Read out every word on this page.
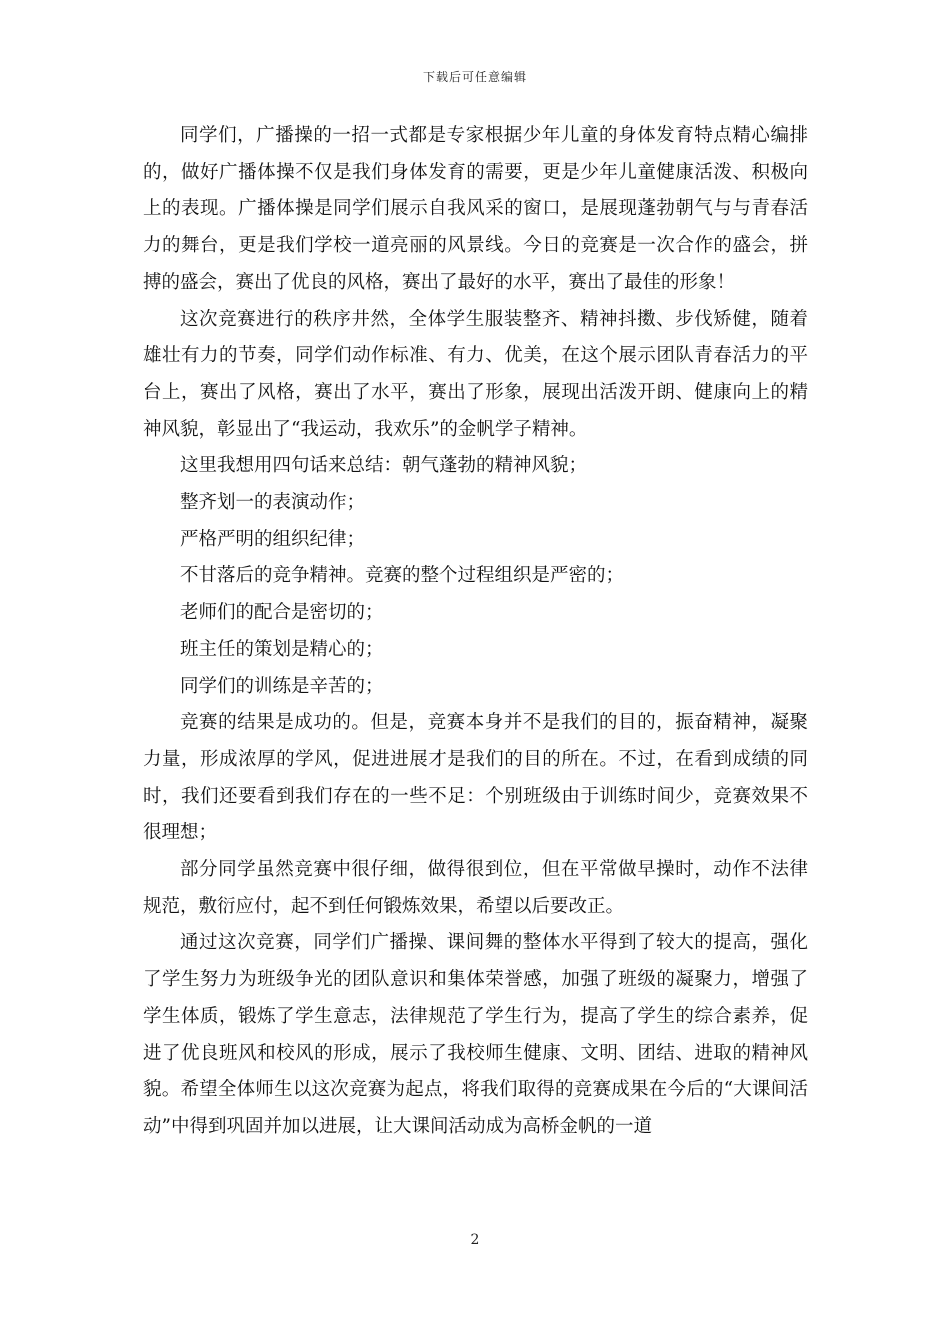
下载后可任意编辑

同学们，广播操的一招一式都是专家根据少年儿童的身体发育特点精心编排的，做好广播体操不仅是我们身体发育的需要，更是少年儿童健康活泼、积极向上的表现。广播体操是同学们展示自我风采的窗口，是展现蓬勃朝气与与青春活力的舞台，更是我们学校一道亮丽的风景线。今日的竞赛是一次合作的盛会，拼搏的盛会，赛出了优良的风格，赛出了最好的水平，赛出了最佳的形象！

这次竞赛进行的秩序井然，全体学生服装整齐、精神抖擞、步伐矫健，随着雄壮有力的节奏，同学们动作标准、有力、优美，在这个展示团队青春活力的平台上，赛出了风格，赛出了水平，赛出了形象，展现出活泼开朗、健康向上的精神风貌，彰显出了“我运动，我欢乐”的金帆学子精神。

这里我想用四句话来总结：朝气蓬勃的精神风貌；

整齐划一的表演动作；

严格严明的组织纪律；

不甘落后的竞争精神。竞赛的整个过程组织是严密的；

老师们的配合是密切的；

班主任的策划是精心的；

同学们的训练是辛苦的；

竞赛的结果是成功的。但是，竞赛本身并不是我们的目的，振奋精神，凝聚力量，形成浓厚的学风，促进进展才是我们的目的所在。不过，在看到成绩的同时，我们还要看到我们存在的一些不足：个别班级由于训练时间少，竞赛效果不很理想；

部分同学虽然竞赛中很仔细，做得很到位，但在平常做早操时，动作不法律规范，敷衍应付，起不到任何锻炼效果，希望以后要改正。

通过这次竞赛，同学们广播操、课间舞的整体水平得到了较大的提高，强化了学生努力为班级争光的团队意识和集体荣誉感，加强了班级的凝聚力，增强了学生体质，锻炼了学生意志，法律规范了学生行为，提高了学生的综合素养，促进了优良班风和校风的形成，展示了我校师生健康、文明、团结、进取的精神风貌。希望全体师生以这次竞赛为起点，将我们取得的竞赛成果在今后的“大课间活动”中得到巩固并加以进展，让大课间活动成为高桥金帆的一道

2
